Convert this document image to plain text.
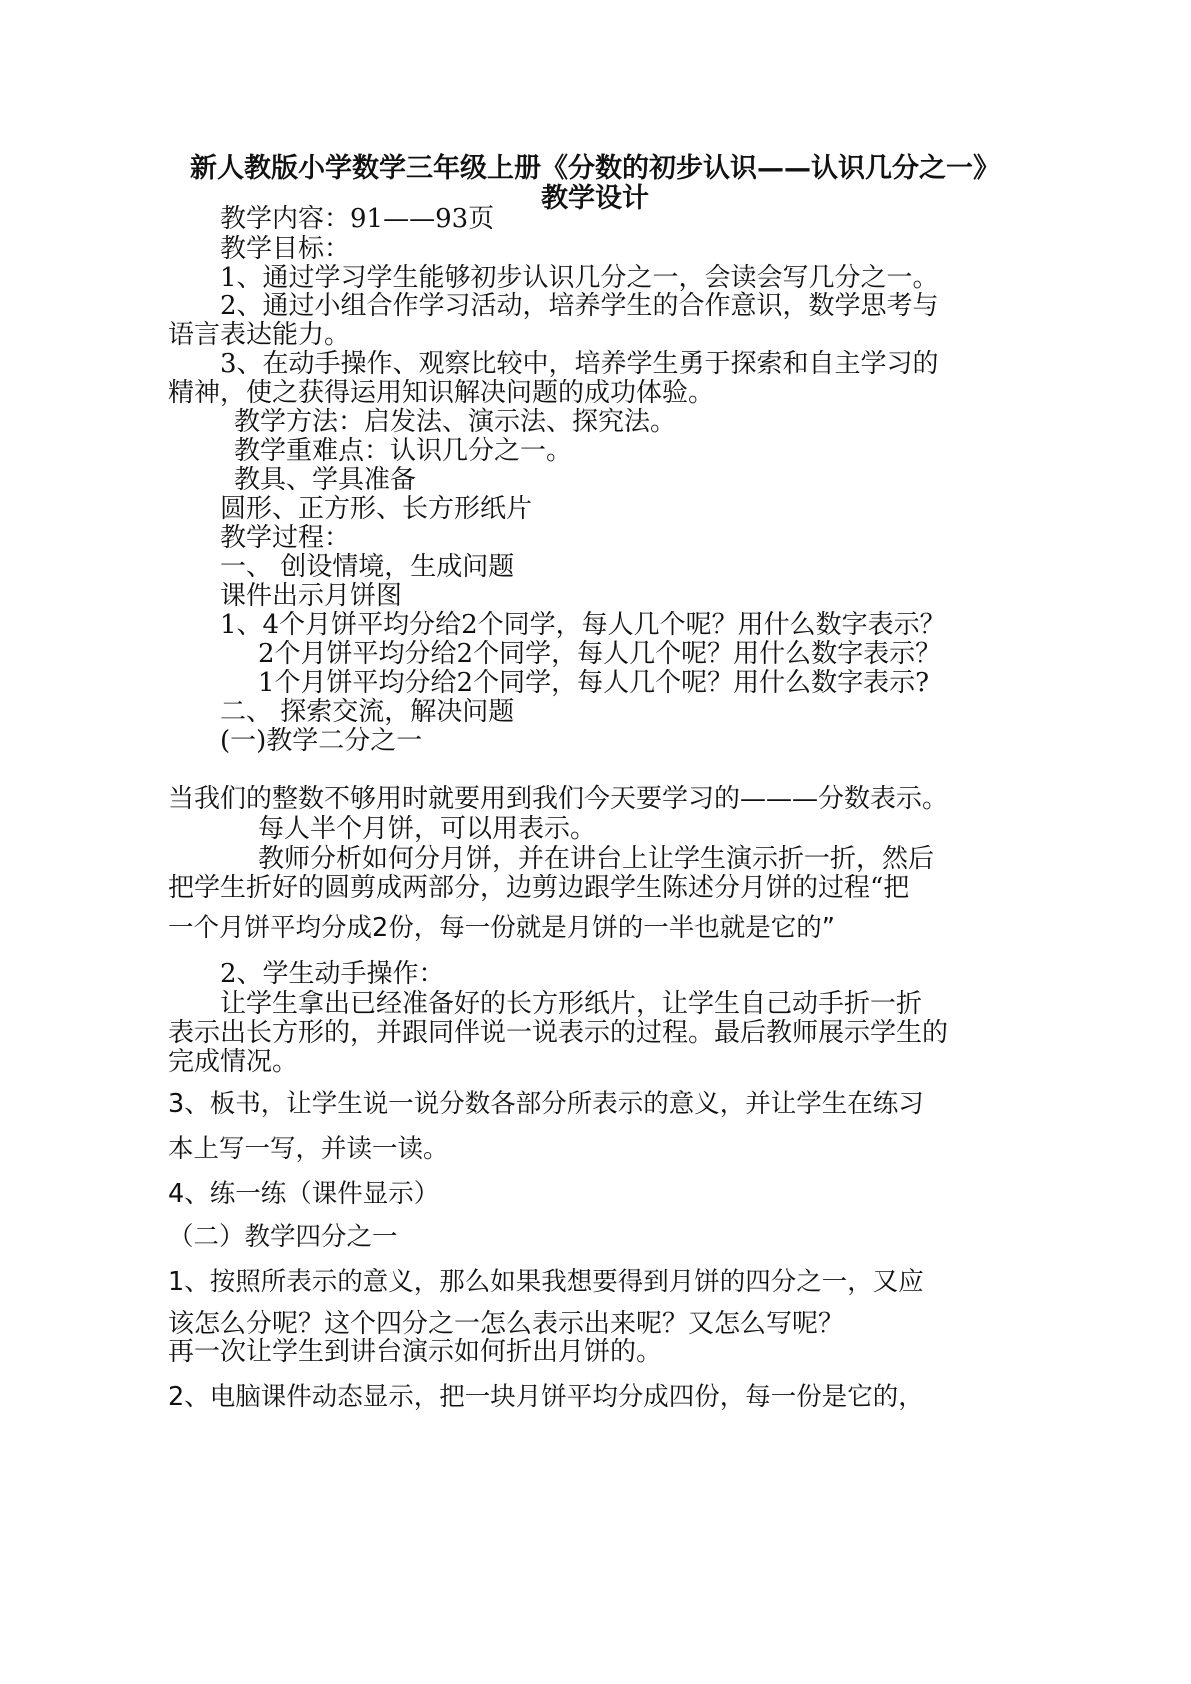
新人教版小学数学三年级上册《分数的初步认识——认识几分之一》
教学设计
教学内容：91——93页
教学目标：
1、通过学习学生能够初步认识几分之一，会读会写几分之一。
2、通过小组合作学习活动，培养学生的合作意识，数学思考与
语言表达能力。
3、在动手操作、观察比较中，培养学生勇于探索和自主学习的
精神，使之获得运用知识解决问题的成功体验。
教学方法：启发法、演示法、探究法。
教学重难点：认识几分之一。
教具、学具准备
圆形、正方形、长方形纸片
教学过程：
一、 创设情境，生成问题
课件出示月饼图
1、4个月饼平均分给2个同学，每人几个呢？用什么数字表示？
2个月饼平均分给2个同学，每人几个呢？用什么数字表示？
1个月饼平均分给2个同学，每人几个呢？用什么数字表示?
二、 探索交流，解决问题
(一)教学二分之一
当我们的整数不够用时就要用到我们今天要学习的———分数表示。
每人半个月饼，可以用表示。
教师分析如何分月饼，并在讲台上让学生演示折一折，然后
把学生折好的圆剪成两部分，边剪边跟学生陈述分月饼的过程“把
一个月饼平均分成2份，每一份就是月饼的一半也就是它的”
2、学生动手操作：
让学生拿出已经准备好的长方形纸片，让学生自己动手折一折
表示出长方形的，并跟同伴说一说表示的过程。最后教师展示学生的
完成情况。
3、板书，让学生说一说分数各部分所表示的意义，并让学生在练习
本上写一写，并读一读。
4、练一练（课件显示）
（二）教学四分之一
1、按照所表示的意义，那么如果我想要得到月饼的四分之一，又应
该怎么分呢？这个四分之一怎么表示出来呢？又怎么写呢？
再一次让学生到讲台演示如何折出月饼的。
2、电脑课件动态显示，把一块月饼平均分成四份，每一份是它的，
